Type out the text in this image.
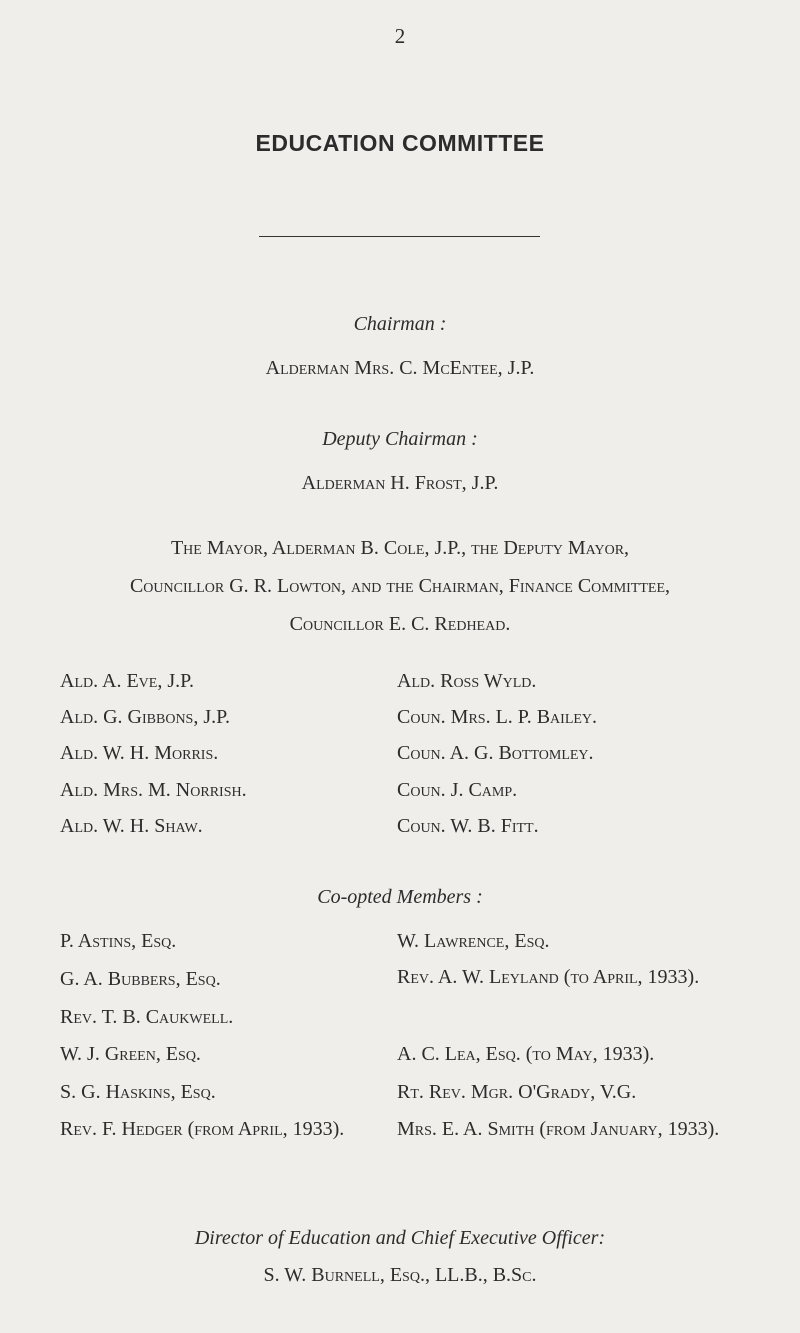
2
EDUCATION COMMITTEE
Chairman :
Alderman Mrs. C. McEntee, J.P.
Deputy Chairman :
Alderman H. Frost, J.P.
The Mayor, Alderman B. Cole, J.P., the Deputy Mayor,
Councillor G. R. Lowton, and the Chairman, Finance Committee,
Councillor E. C. Redhead.
Ald. A. Eve, J.P.
Ald. G. Gibbons, J.P.
Ald. W. H. Morris.
Ald. Mrs. M. Norrish.
Ald. W. H. Shaw.
Ald. Ross Wyld.
Coun. Mrs. L. P. Bailey.
Coun. A. G. Bottomley.
Coun. J. Camp.
Coun. W. B. Fitt.
Co-opted Members :
P. Astins, Esq.
G. A. Bubbers, Esq.
Rev. T. B. Caukwell.
W. J. Green, Esq.
S. G. Haskins, Esq.
Rev. F. Hedger (from April, 1933).
W. Lawrence, Esq.
Rev. A. W. Leyland (to April, 1933).
A. C. Lea, Esq. (to May, 1933).
Rt. Rev. Mgr. O'Grady, V.G.
Mrs. E. A. Smith (from January, 1933).
Director of Education and Chief Executive Officer:
S. W. Burnell, Esq., LL.B., B.Sc.
